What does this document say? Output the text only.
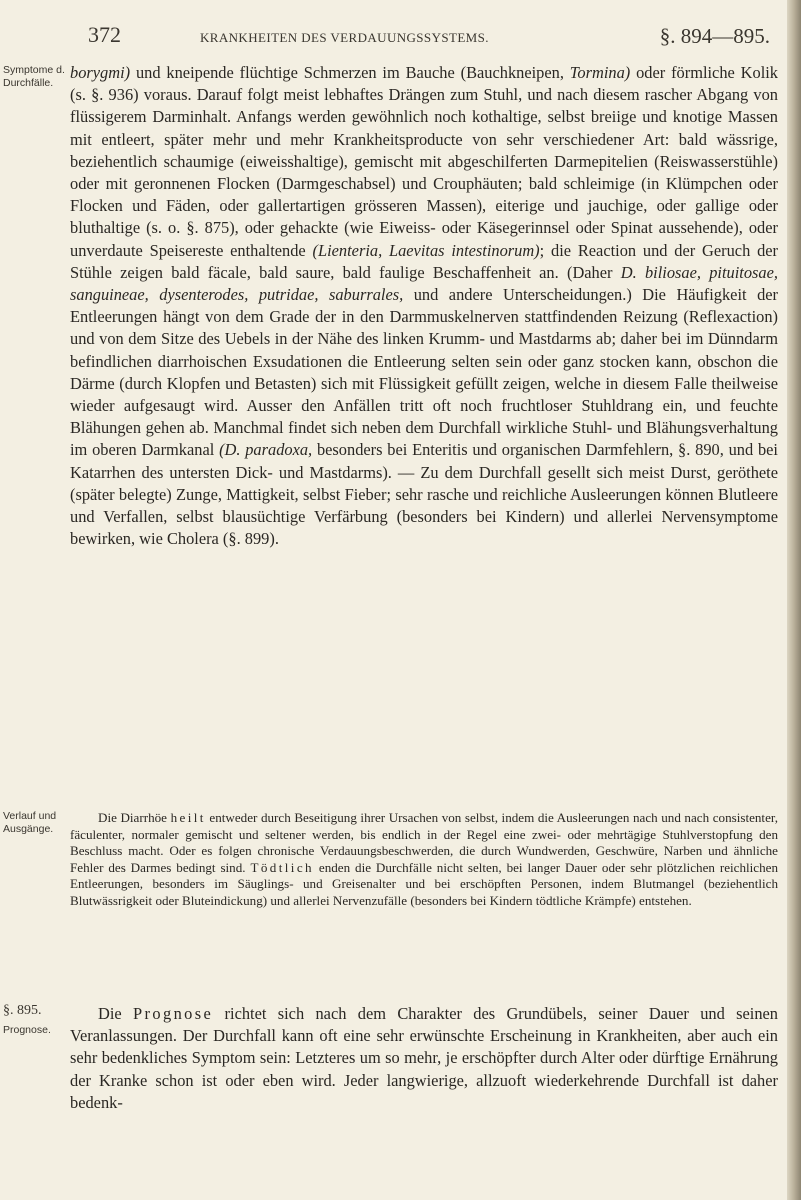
372	KRANKHEITEN DES VERDAUUNGSSYSTEMS.	§. 894—895.
Symptome d. Durchfälle.
Verlauf und Ausgänge.
§. 895.
Prognose.

borygmi) und kneipende flüchtige Schmerzen im Bauche (Bauchkneipen, Tormina) oder förmliche Kolik (s. §. 936) voraus. Darauf folgt meist lebhaftes Drängen zum Stuhl, und nach diesem rascher Abgang von flüssigerem Darminhalt. Anfangs werden gewöhnlich noch kothaltige, selbst breiige und knotige Massen mit entleert, später mehr und mehr Krankheitsproducte von sehr verschiedener Art: bald wässrige, beziehentlich schaumige (eiweisshaltige), gemischt mit abgeschilferten Darmepitelien (Reiswasserstühle) oder mit geronnenen Flocken (Darmgeschabsel) und Crouphäuten; bald schleimige (in Klümpchen oder Flocken und Fäden, oder gallertartigen grösseren Massen), eiterige und jauchige, oder gallige oder bluthaltige (s. o. §. 875), oder gehackte (wie Eiweiss- oder Käsegerinnsel oder Spinat aussehende), oder unverdaute Speisereste enthaltende (Lienteria, Laevitas intestinorum); die Reaction und der Geruch der Stühle zeigen bald fäcale, bald saure, bald faulige Beschaffenheit an. (Daher D. biliosae, pituitosae, sanguineae, dysenterodes, putridae, saburrales, und andere Unterscheidungen.) Die Häufigkeit der Entleerungen hängt von dem Grade der in den Darmmuskelnerven stattfindenden Reizung (Reflexaction) und von dem Sitze des Uebels in der Nähe des linken Krumm- und Mastdarms ab; daher bei im Dünndarm befindlichen diarrhoischen Exsudationen die Entleerung selten sein oder ganz stocken kann, obschon die Därme (durch Klopfen und Betasten) sich mit Flüssigkeit gefüllt zeigen, welche in diesem Falle theilweise wieder aufgesaugt wird. Ausser den Anfällen tritt oft noch fruchtloser Stuhldrang ein, und feuchte Blähungen gehen ab. Manchmal findet sich neben dem Durchfall wirkliche Stuhl- und Blähungsverhaltung im oberen Darmkanal (D. paradoxa, besonders bei Enteritis und organischen Darmfehlern, §. 890, und bei Katarrhen des untersten Dick- und Mastdarms). — Zu dem Durchfall gesellt sich meist Durst, geröthete (später belegte) Zunge, Mattigkeit, selbst Fieber; sehr rasche und reichliche Ausleerungen können Blutleere und Verfallen, selbst blausüchtige Verfärbung (besonders bei Kindern) und allerlei Nervensymptome bewirken, wie Cholera (§. 899).

Die Diarrhöe heilt entweder durch Beseitigung ihrer Ursachen von selbst, indem die Ausleerungen nach und nach consistenter, fäculenter, normaler gemischt und seltener werden, bis endlich in der Regel eine zwei- oder mehrtägige Stuhlverstopfung den Beschluss macht. Oder es folgen chronische Verdauungsbeschwerden, die durch Wundwerden, Geschwüre, Narben und ähnliche Fehler des Darmes bedingt sind. Tödtlich enden die Durchfälle nicht selten, bei langer Dauer oder sehr plötzlichen reichlichen Entleerungen, besonders im Säuglings- und Greisenalter und bei erschöpften Personen, indem Blutmangel (beziehentlich Blutwässrigkeit oder Bluteindickung) und allerlei Nervenzufälle (besonders bei Kindern tödtliche Krämpfe) entstehen.

Die Prognose richtet sich nach dem Charakter des Grundübels, seiner Dauer und seinen Veranlassungen. Der Durchfall kann oft eine sehr erwünschte Erscheinung in Krankheiten, aber auch ein sehr bedenkliches Symptom sein: Letzteres um so mehr, je erschöpfter durch Alter oder dürftige Ernährung der Kranke schon ist oder eben wird. Jeder langwierige, allzuoft wiederkehrende Durchfall ist daher bedenk-
